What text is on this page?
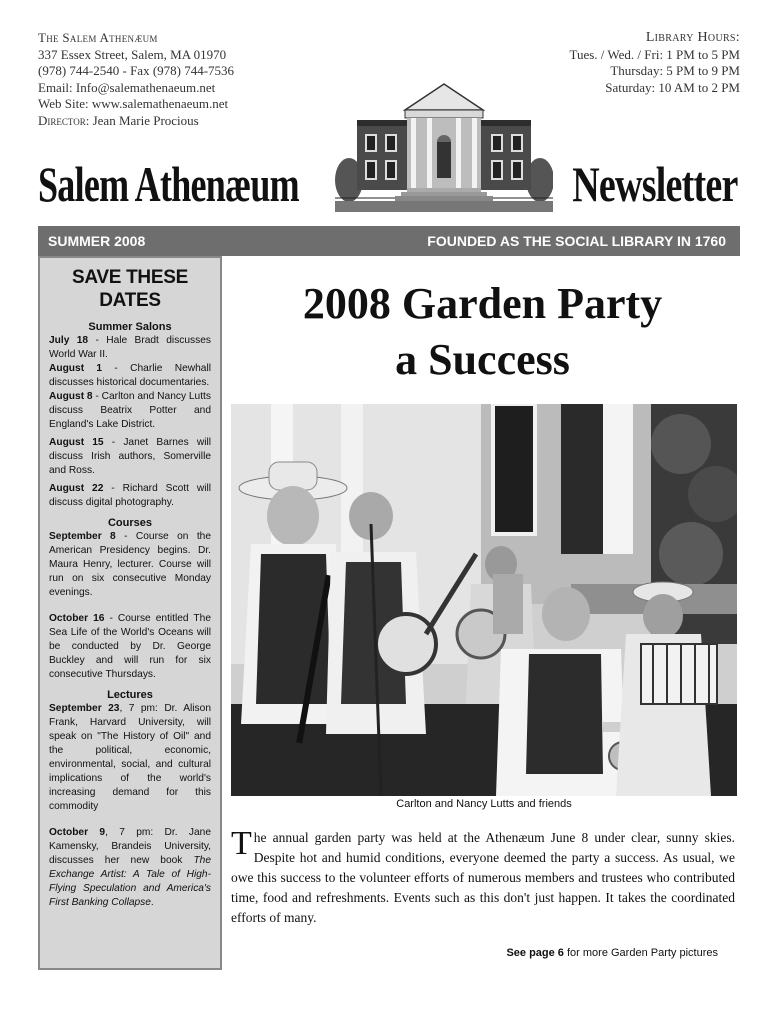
The Salem Athenæum
337 Essex Street, Salem, MA 01970
(978) 744-2540 - Fax (978) 744-7536
Email: Info@salemathenaeum.net
Web Site: www.salemathenaeum.net
Director: Jean Marie Procious
Library Hours:
Tues. / Wed. / Fri: 1 PM to 5 PM
Thursday: 5 PM to 9 PM
Saturday: 10 AM to 2 PM
Salem Athenæum	Newsletter
SUMMER 2008	FOUNDED AS THE SOCIAL LIBRARY IN 1760
SAVE THESE DATES
Summer Salons

July 18 - Hale Bradt discusses World War II.

August 1 - Charlie Newhall discusses historical documentaries.

August 8 - Carlton and Nancy Lutts discuss Beatrix Potter and England's Lake District.

August 15 - Janet Barnes will discuss Irish authors, Somerville and Ross.

August 22 - Richard Scott will discuss digital photography.

Courses

September 8 - Course on the American Presidency begins. Dr. Maura Henry, lecturer. Course will run on six consecutive Monday evenings.

October 16 - Course entitled The Sea Life of the World's Oceans will be conducted by Dr. George Buckley and will run for six consecutive Thursdays.

Lectures

September 23, 7 pm: Dr. Alison Frank, Harvard University, will speak on "The History of Oil" and the political, economic, environmental, social, and cultural implications of the world's increasing demand for this commodity

October 9, 7 pm: Dr. Jane Kamensky, Brandeis University, discusses her new book The Exchange Artist: A Tale of High-Flying Speculation and America's First Banking Collapse.

2008 Garden Party
a Success
Carlton and Nancy Lutts and friends
The annual garden party was held at the Athenæum June 8 under clear, sunny skies. Despite hot and humid conditions, everyone deemed the party a success. As usual, we owe this success to the volunteer efforts of numerous members and trustees who contributed time, food and refreshments. Events such as this don't just happen. It takes the coordinated efforts of many.
See page 6 for more Garden Party pictures
